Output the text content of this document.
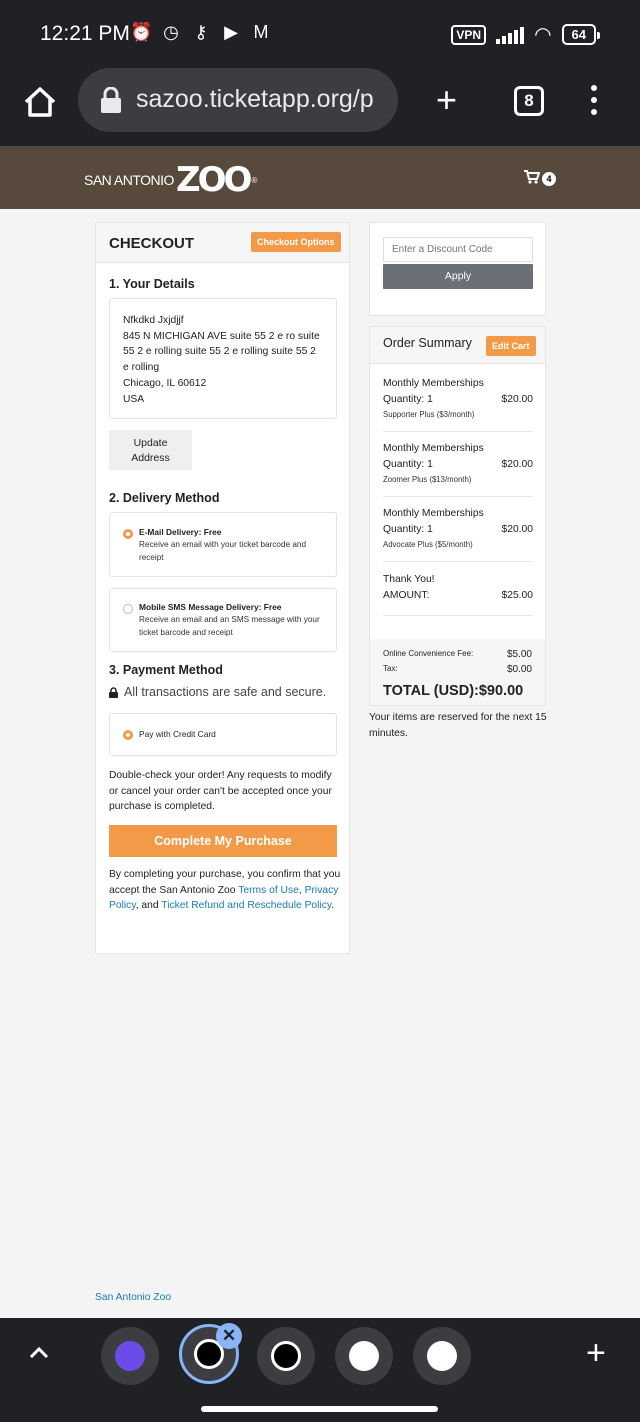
12:21 PM ⏰ ◷ ⚷ ▶ M	VPN	◠	64
sazoo.ticketapp.org/p +	8
SAN ANTONIO ZOO ®	4
CHECKOUT	Checkout Options
1. Your Details
Nfkdkd Jxjdjjf
845 N MICHIGAN AVE suite 55 2 e ro suite
55 2 e rolling suite 55 2 e rolling suite 55 2
e rolling
Chicago, IL 60612
USA
Update
Address
2. Delivery Method
E-Mail Delivery: Free
Receive an email with your ticket barcode and receipt
Mobile SMS Message Delivery: Free
Receive an email and an SMS message with your ticket barcode and receipt
3. Payment Method
All transactions are safe and secure.
Pay with Credit Card
Double-check your order! Any requests to modify or cancel your order can't be accepted once your purchase is completed.
Complete My Purchase
By completing your purchase, you confirm that you accept the San Antonio Zoo Terms of Use, Privacy Policy, and Ticket Refund and Reschedule Policy.
Enter a Discount Code
Apply
Order Summary	Edit Cart
Monthly Memberships
Quantity: 1	$20.00
Supporter Plus ($3/month)
Monthly Memberships
Quantity: 1	$20.00
Zoomer Plus ($13/month)
Monthly Memberships
Quantity: 1	$20.00
Advocate Plus ($5/month)
Thank You!
AMOUNT:	$25.00
Online Convenience Fee:	$5.00
Tax:	$0.00
TOTAL (USD):$90.00
Your items are reserved for the next 15 minutes.
San Antonio Zoo
✕	+
